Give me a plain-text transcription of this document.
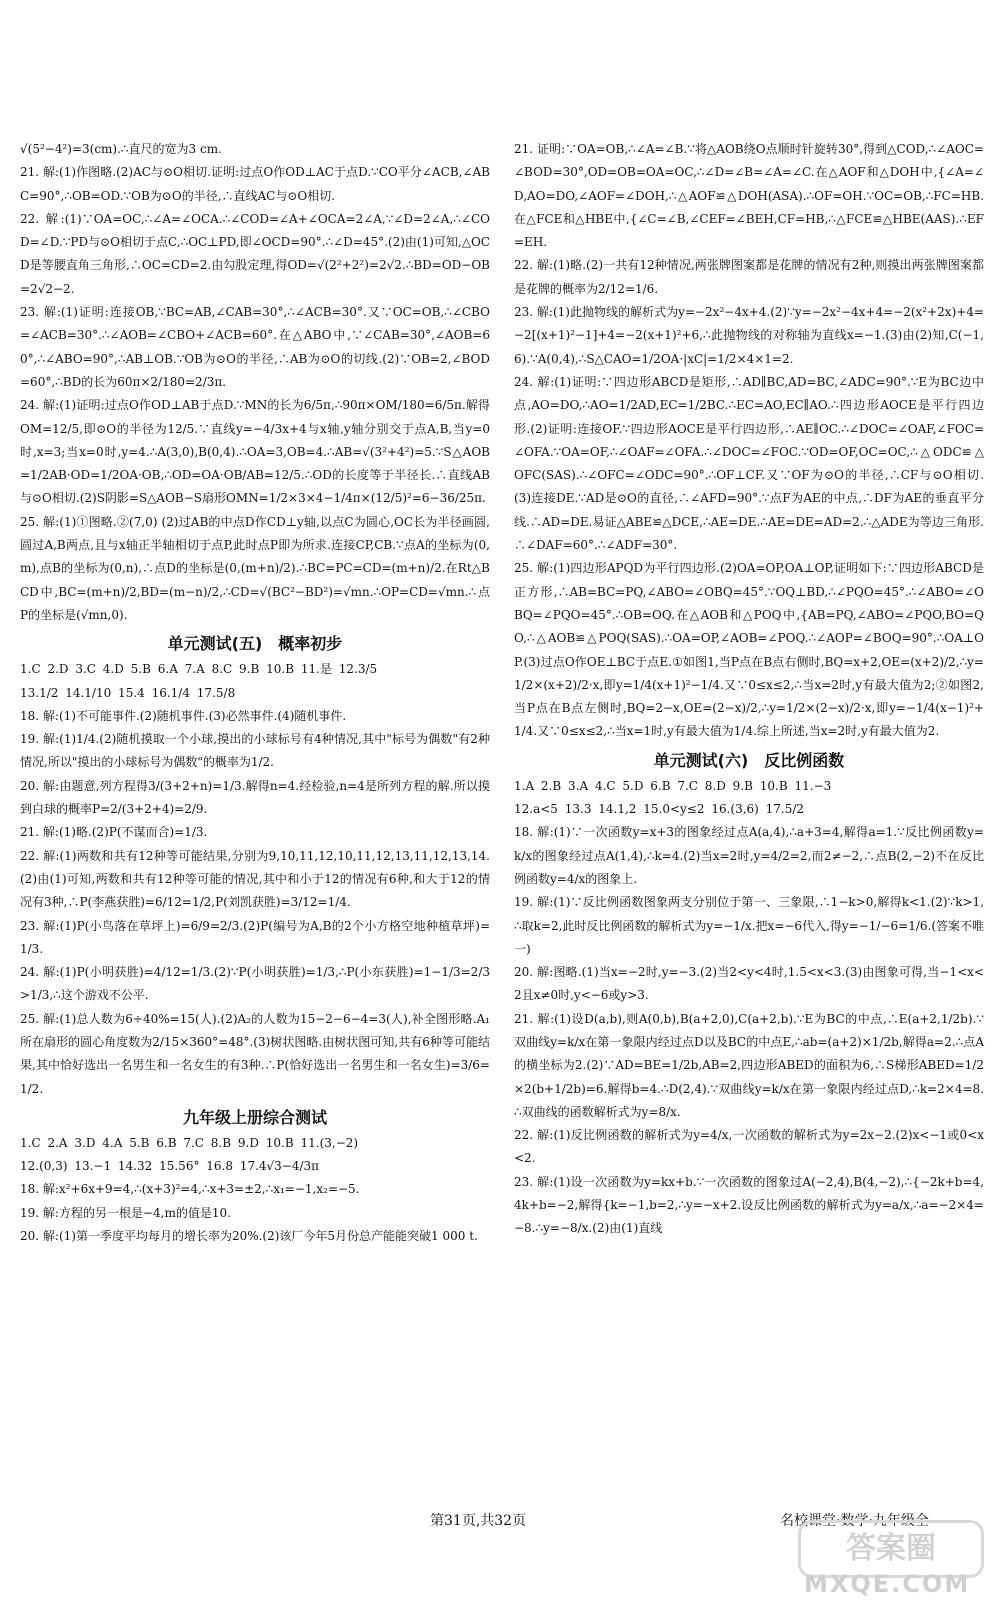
√(5²−4²)=3(cm).∴直尺的宽为3 cm.

21. 解:(1)作图略.(2)AC与⊙O相切.证明:过点O作OD⊥AC于点D.∵CO平分∠ACB,∠ABC=90°,∴OB=OD.∵OB为⊙O的半径,∴直线AC与⊙O相切.

22. 解:(1)∵OA=OC,∴∠A=∠OCA.∴∠COD=∠A+∠OCA=2∠A,∵∠D=2∠A,∴∠COD=∠D.∵PD与⊙O相切于点C,∴OC⊥PD,即∠OCD=90°.∴∠D=45°.(2)由(1)可知,△OCD是等腰直角三角形,∴OC=CD=2.由勾股定理,得OD=√(2²+2²)=2√2.∴BD=OD−OB=2√2−2.

23. 解:(1)证明:连接OB,∵BC=AB,∠CAB=30°,∴∠ACB=30°.又∵OC=OB,∴∠CBO=∠ACB=30°.∴∠AOB=∠CBO+∠ACB=60°.在△ABO中,∵∠CAB=30°,∠AOB=60°,∴∠ABO=90°,∴AB⊥OB.∵OB为⊙O的半径,∴AB为⊙O的切线.(2)∵OB=2,∠BOD=60°,∴BD的长为60π×2/180=2/3π.

24. 解:(1)证明:过点O作OD⊥AB于点D.∵MN的长为6/5π,∴90π×OM/180=6/5π.解得OM=12/5,即⊙O的半径为12/5.∵直线y=−4/3x+4与x轴,y轴分别交于点A,B,当y=0时,x=3;当x=0时,y=4.∴A(3,0),B(0,4).∴OA=3,OB=4.∴AB=√(3²+4²)=5.∵S△AOB=1/2AB·OD=1/2OA·OB,∴OD=OA·OB/AB=12/5.∴OD的长度等于半径长.∴直线AB与⊙O相切.(2)S阴影=S△AOB−S扇形OMN=1/2×3×4−1/4π×(12/5)²=6−36/25π.

25. 解:(1)①图略.②(7,0) (2)过AB的中点D作CD⊥y轴,以点C为圆心,OC长为半径画圆,圆过A,B两点,且与x轴正半轴相切于点P,此时点P即为所求.连接CP,CB.∵点A的坐标为(0,m),点B的坐标为(0,n),∴点D的坐标是(0,(m+n)/2).∴BC=PC=CD=(m+n)/2.在Rt△BCD中,BC=(m+n)/2,BD=(m−n)/2,∴CD=√(BC²−BD²)=√mn.∴OP=CD=√mn.∴点P的坐标是(√mn,0).

单元测试(五)　概率初步

1.C 2.D 3.C 4.D 5.B 6.A 7.A 8.C 9.B 10.B 11.是 12.3/5

13.1/2 14.1/10 15.4 16.1/4 17.5/8

18. 解:(1)不可能事件.(2)随机事件.(3)必然事件.(4)随机事件.

19. 解:(1)1/4.(2)随机摸取一个小球,摸出的小球标号有4种情况,其中"标号为偶数"有2种情况,所以"摸出的小球标号为偶数"的概率为1/2.

20. 解:由题意,列方程得3/(3+2+n)=1/3.解得n=4.经检验,n=4是所列方程的解.所以摸到白球的概率P=2/(3+2+4)=2/9.

21. 解:(1)略.(2)P(不谋而合)=1/3.

22. 解:(1)两数和共有12种等可能结果,分别为9,10,11,12,10,11,12,13,11,12,13,14.(2)由(1)可知,两数和共有12种等可能的情况,其中和小于12的情况有6种,和大于12的情况有3种,∴P(李燕获胜)=6/12=1/2,P(刘凯获胜)=3/12=1/4.

23. 解:(1)P(小鸟落在草坪上)=6/9=2/3.(2)P(编号为A,B的2个小方格空地种植草坪)=1/3.

24. 解:(1)P(小明获胜)=4/12=1/3.(2)∵P(小明获胜)=1/3,∴P(小东获胜)=1−1/3=2/3>1/3,∴这个游戏不公平.

25. 解:(1)总人数为6÷40%=15(人).(2)A₂的人数为15−2−6−4=3(人),补全图形略.A₁所在扇形的圆心角度数为2/15×360°=48°.(3)树状图略.由树状图可知,共有6种等可能结果,其中恰好选出一名男生和一名女生的有3种.∴P(恰好选出一名男生和一名女生)=3/6=1/2.

九年级上册综合测试

1.C 2.A 3.D 4.A 5.B 6.B 7.C 8.B 9.D 10.B 11.(3,−2)

12.(0,3) 13.−1 14.32 15.56° 16.8 17.4√3−4/3π

18. 解:x²+6x+9=4,∴(x+3)²=4,∴x+3=±2,∴x₁=−1,x₂=−5.

19. 解:方程的另一根是−4,m的值是10.

20. 解:(1)第一季度平均每月的增长率为20%.(2)该厂今年5月份总产能能突破1 000 t.

21. 证明:∵OA=OB,∴∠A=∠B.∵将△AOB绕O点顺时针旋转30°,得到△COD,∴∠AOC=∠BOD=30°,OD=OB=OA=OC,∴∠D=∠B=∠A=∠C.在△AOF和△DOH中,{∠A=∠D,AO=DO,∠AOF=∠DOH,∴△AOF≌△DOH(ASA).∴OF=OH.∵OC=OB,∴FC=HB.在△FCE和△HBE中,{∠C=∠B,∠CEF=∠BEH,CF=HB,∴△FCE≌△HBE(AAS).∴EF=EH.

22. 解:(1)略.(2)一共有12种情况,两张牌图案都是花牌的情况有2种,则摸出两张牌图案都是花牌的概率为2/12=1/6.

23. 解:(1)此抛物线的解析式为y=−2x²−4x+4.(2)∵y=−2x²−4x+4=−2(x²+2x)+4=−2[(x+1)²−1]+4=−2(x+1)²+6,∴此抛物线的对称轴为直线x=−1.(3)由(2)知,C(−1,6).∵A(0,4),∴S△CAO=1/2OA·|xC|=1/2×4×1=2.

24. 解:(1)证明:∵四边形ABCD是矩形,∴AD∥BC,AD=BC,∠ADC=90°.∵E为BC边中点,AO=DO,∴AO=1/2AD,EC=1/2BC.∴EC=AO,EC∥AO.∴四边形AOCE是平行四边形.(2)证明:连接OF.∵四边形AOCE是平行四边形,∴AE∥OC.∴∠DOC=∠OAF,∠FOC=∠OFA.∵OA=OF,∴∠OAF=∠OFA.∴∠DOC=∠FOC.∵OD=OF,OC=OC,∴△ODC≌△OFC(SAS).∴∠OFC=∠ODC=90°.∴OF⊥CF.又∵OF为⊙O的半径,∴CF与⊙O相切.(3)连接DE.∵AD是⊙O的直径,∴∠AFD=90°.∵点F为AE的中点,∴DF为AE的垂直平分线.∴AD=DE.易证△ABE≌△DCE,∴AE=DE.∴AE=DE=AD=2.∴△ADE为等边三角形.∴∠DAF=60°.∴∠ADF=30°.

25. 解:(1)四边形APQD为平行四边形.(2)OA=OP,OA⊥OP,证明如下:∵四边形ABCD是正方形,∴AB=BC=PQ,∠ABO=∠OBQ=45°.∵OQ⊥BD,∴∠PQO=45°.∴∠ABO=∠OBQ=∠PQO=45°.∴OB=OQ.在△AOB和△POQ中,{AB=PQ,∠ABO=∠PQO,BO=QO,∴△AOB≌△POQ(SAS).∴OA=OP,∠AOB=∠POQ.∴∠AOP=∠BOQ=90°.∴OA⊥OP.(3)过点O作OE⊥BC于点E.①如图1,当P点在B点右侧时,BQ=x+2,OE=(x+2)/2,∴y=1/2×(x+2)/2·x,即y=1/4(x+1)²−1/4.又∵0≤x≤2,∴当x=2时,y有最大值为2;②如图2,当P点在B点左侧时,BQ=2−x,OE=(2−x)/2,∴y=1/2×(2−x)/2·x,即y=−1/4(x−1)²+1/4.又∵0≤x≤2,∴当x=1时,y有最大值为1/4.综上所述,当x=2时,y有最大值为2.

单元测试(六)　反比例函数

1.A 2.B 3.A 4.C 5.D 6.B 7.C 8.D 9.B 10.B 11.−3

12.a<5 13.3 14.1,2 15.0<y≤2 16.(3,6) 17.5/2

18. 解:(1)∵一次函数y=x+3的图象经过点A(a,4),∴a+3=4,解得a=1.∵反比例函数y=k/x的图象经过点A(1,4),∴k=4.(2)当x=2时,y=4/2=2,而2≠−2,∴点B(2,−2)不在反比例函数y=4/x的图象上.

19. 解:(1)∵反比例函数图象两支分别位于第一、三象限,∴1−k>0,解得k<1.(2)∵k>1,∴取k=2,此时反比例函数的解析式为y=−1/x.把x=−6代入,得y=−1/−6=1/6.(答案不唯一)

20. 解:图略.(1)当x=−2时,y=−3.(2)当2<y<4时,1.5<x<3.(3)由图象可得,当−1<x<2且x≠0时,y<−6或y>3.

21. 解:(1)设D(a,b),则A(0,b),B(a+2,0),C(a+2,b).∵E为BC的中点,∴E(a+2,1/2b).∵双曲线y=k/x在第一象限内经过点D以及BC的中点E,∴ab=(a+2)×1/2b,解得a=2.∴点A的横坐标为2.(2)∵AD=BE=1/2b,AB=2,四边形ABED的面积为6,∴S梯形ABED=1/2×2(b+1/2b)=6.解得b=4.∴D(2,4).∵双曲线y=k/x在第一象限内经过点D,∴k=2×4=8.∴双曲线的函数解析式为y=8/x.

22. 解:(1)反比例函数的解析式为y=4/x,一次函数的解析式为y=2x−2.(2)x<−1或0<x<2.

23. 解:(1)设一次函数为y=kx+b.∵一次函数的图象过A(−2,4),B(4,−2),∴{−2k+b=4,4k+b=−2,解得{k=−1,b=2,∴y=−x+2.设反比例函数的解析式为y=a/x,∴a=−2×4=−8.∴y=−8/x.(2)由(1)直线

第31页,共32页	名校课堂·数学·九年级全
答案圈
MXQE.COM
